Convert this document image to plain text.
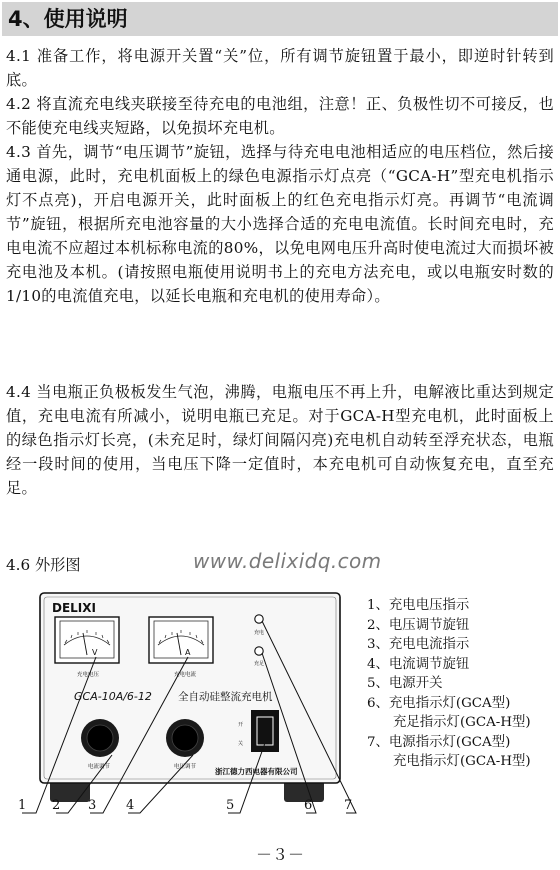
4、使用说明
4.1 准备工作，将电源开关置“关”位，所有调节旋钮置于最小，即逆时针转到底。
4.2 将直流充电线夹联接至待充电的电池组，注意！正、负极性切不可接反，也不能使充电线夹短路，以免损坏充电机。
4.3 首先，调节“电压调节”旋钮，选择与待充电电池相适应的电压档位，然后接通电源，此时，充电机面板上的绿色电源指示灯点亮（“GCA-H”型充电机指示灯不点亮)，开启电源开关，此时面板上的红色充电指示灯亮。再调节“电流调节”旋钮，根据所充电池容量的大小选择合适的充电电流值。长时间充电时，充电电流不应超过本机标称电流的80%，以免电网电压升高时使电流过大而损坏被充电池及本机。(请按照电瓶使用说明书上的充电方法充电，或以电瓶安时数的1/10的电流值充电，以延长电瓶和充电机的使用寿命）。
4.4 当电瓶正负极板发生气泡，沸腾，电瓶电压不再上升，电解液比重达到规定值，充电电流有所减小，说明电瓶已充足。对于GCA-H型充电机，此时面板上的绿色指示灯长亮，(未充足时，绿灯间隔闪亮)充电机自动转至浮充状态，电瓶经一段时间的使用，当电压下降一定值时，本充电机可自动恢复充电，直至充足。
4.6 外形图	www.delixidq.com
DELIXI
V
充电电压
A
充电电流
充电
充足
GCA-10A/6-12 全自动硅整流充电机
电流调节	电压调节
开
关
浙江德力西电器有限公司
1 2 3 4	5	6 7
1、充电电压指示
2、电压调节旋钮
3、充电电流指示
4、电流调节旋钮
5、电源开关
6、充电指示灯(GCA型)
充足指示灯(GCA-H型)
7、电源指示灯(GCA型)
充电指示灯(GCA-H型)
－３－
